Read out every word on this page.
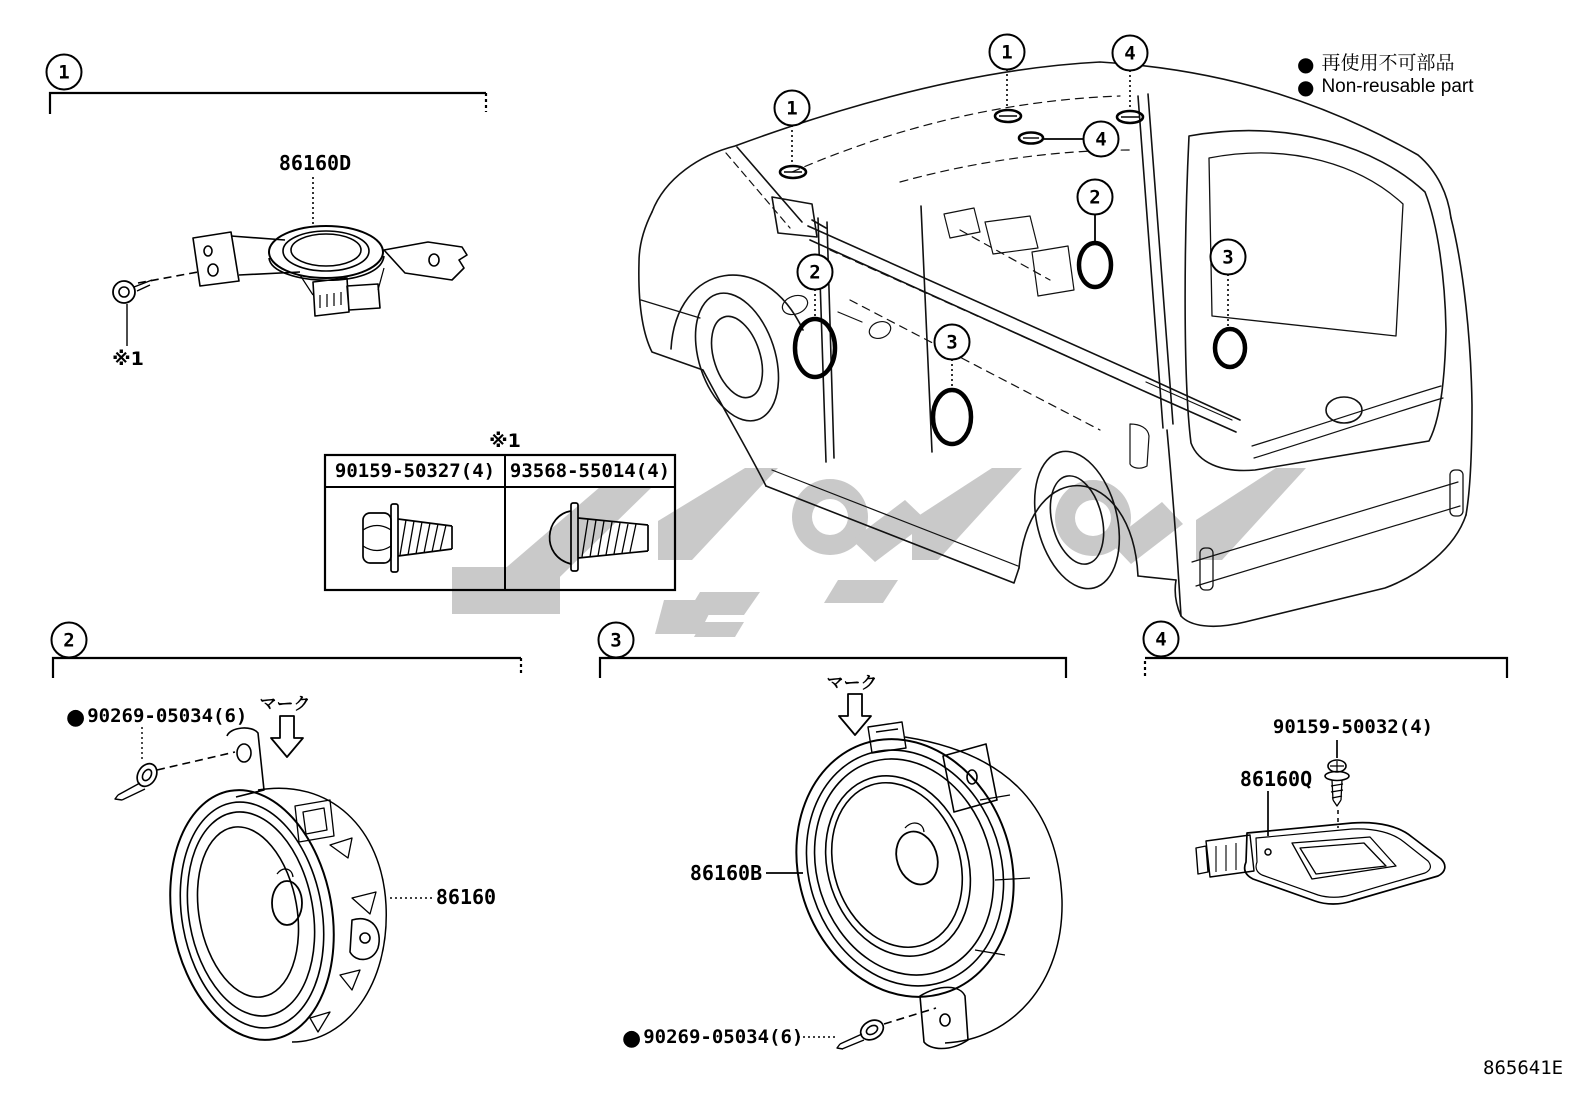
1
2	3	4
1	4
1
4
2
2
3
3
● 再使用不可部品
● Non-reusable part
86160D
※1
※1
90159-50327(4) 93568-55014(4)
● 90269-05034(6)
マーク
86160
マーク
86160B
● 90269-05034(6)
90159-50032(4)
86160Q
865641E
